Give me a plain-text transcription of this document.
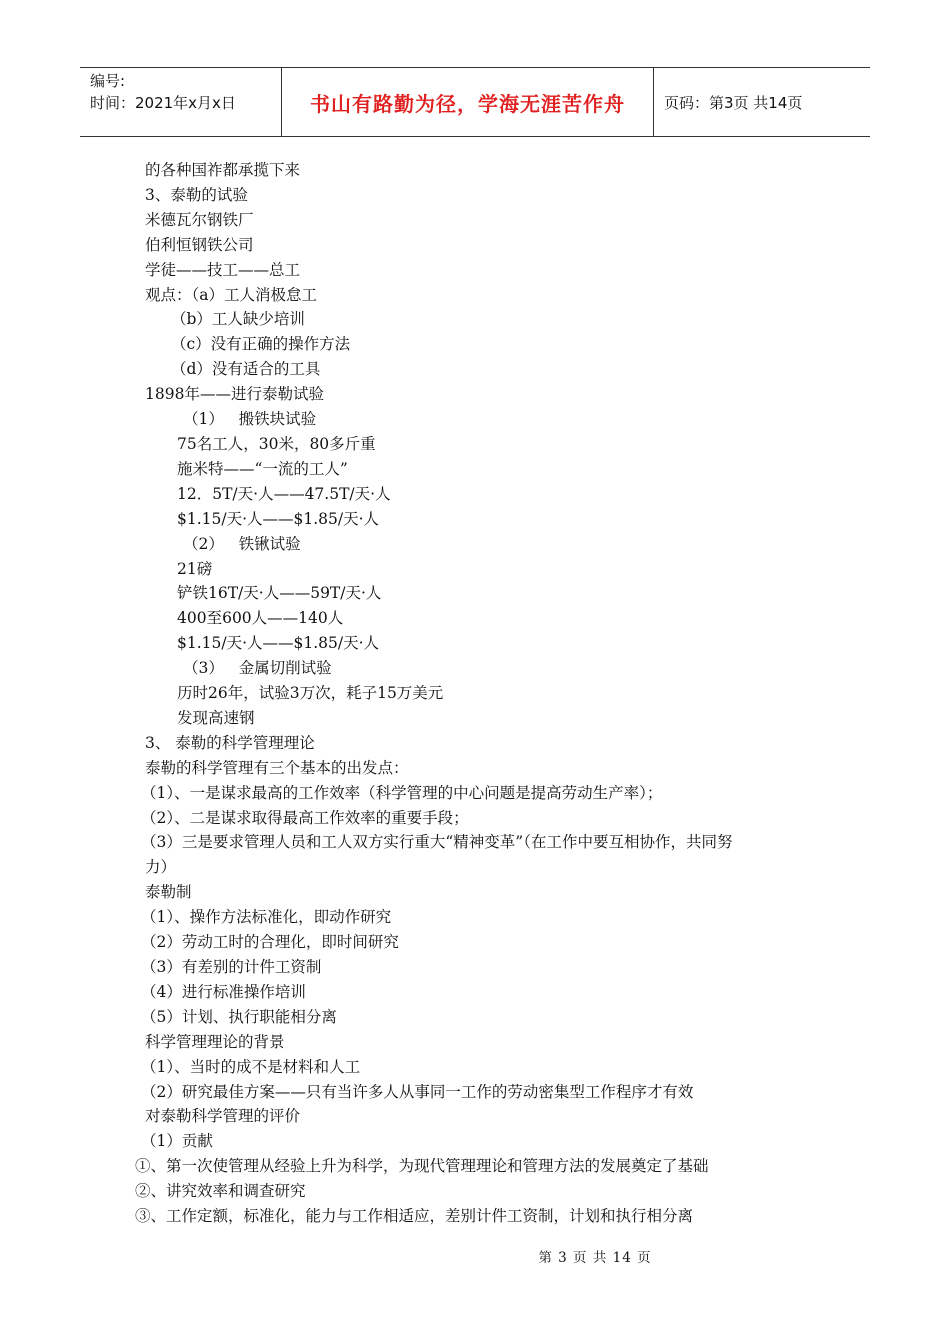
编号:
时间：2021年x月x日	书山有路勤为径，学海无涯苦作舟	页码：第3页 共14页
的各种国祚都承揽下来
3、泰勒的试验
米德瓦尔钢铁厂
伯利恒钢铁公司
学徒——技工——总工
观点：（a）工人消极怠工
（b）工人缺少培训
（c）没有正确的操作方法
（d）没有适合的工具
1898年——进行泰勒试验
（1）   搬铁块试验
75名工人，30米，80多斤重
施米特——“一流的工人”
12．5T/天·人——47.5T/天·人
$1.15/天·人——$1.85/天·人
（2）   铁锹试验
21磅
铲铁16T/天·人——59T/天·人
400至600人——140人
$1.15/天·人——$1.85/天·人
（3）   金属切削试验
历时26年，试验3万次，耗子15万美元
发现高速钢
3、 泰勒的科学管理理论
泰勒的科学管理有三个基本的出发点：
（1）、一是谋求最高的工作效率（科学管理的中心问题是提高劳动生产率）；
（2）、二是谋求取得最高工作效率的重要手段；
（3）三是要求管理人员和工人双方实行重大“精神变革”（在工作中要互相协作，共同努
力）
泰勒制
（1）、操作方法标准化，即动作研究
（2）劳动工时的合理化，即时间研究
（3）有差别的计件工资制
（4）进行标准操作培训
（5）计划、执行职能相分离
科学管理理论的背景
（1）、当时的成不是材料和人工
（2）研究最佳方案——只有当许多人从事同一工作的劳动密集型工作程序才有效
对泰勒科学管理的评价
（1）贡献
①、第一次使管理从经验上升为科学，为现代管理理论和管理方法的发展奠定了基础
②、讲究效率和调查研究
③、工作定额，标准化，能力与工作相适应，差别计件工资制，计划和执行相分离
第 3 页 共 14 页
